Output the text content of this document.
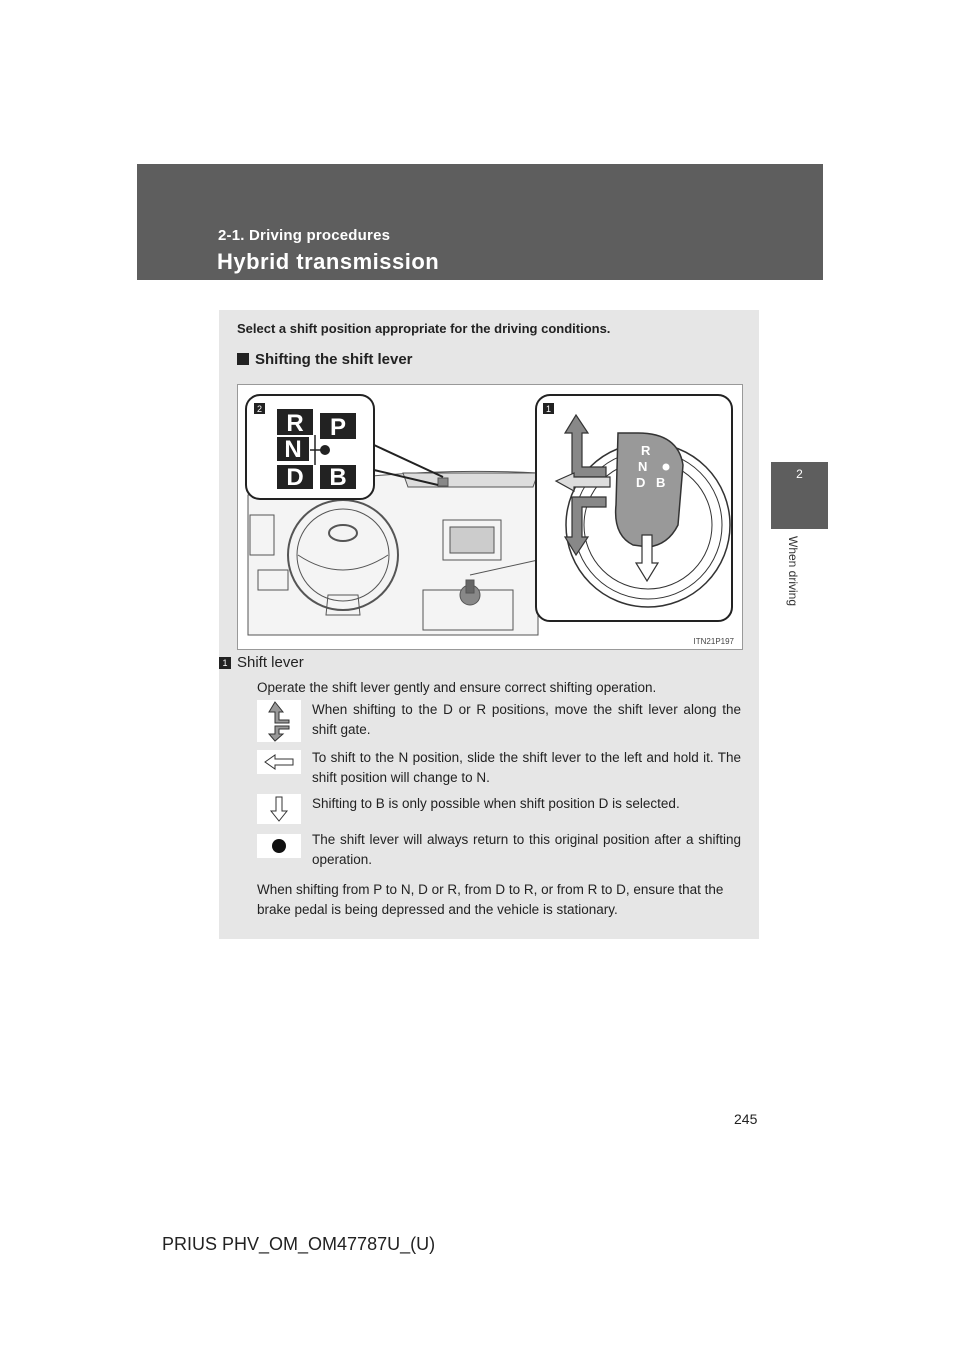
2-1. Driving procedures
Hybrid transmission
2
When driving
Select a shift position appropriate for the driving conditions.
Shifting the shift lever
2
R P
N
D B
1
R
N
D B
ITN21P197
1 Shift lever
Operate the shift lever gently and ensure correct shifting operation.
When shifting to the D or R positions, move the shift lever along the shift gate.
To shift to the N position, slide the shift lever to the left and hold it. The shift position will change to N.
Shifting to B is only possible when shift position D is selected.
The shift lever will always return to this original position after a shifting operation.
When shifting from P to N, D or R, from D to R, or from R to D, ensure that the brake pedal is being depressed and the vehicle is stationary.
245
PRIUS PHV_OM_OM47787U_(U)
